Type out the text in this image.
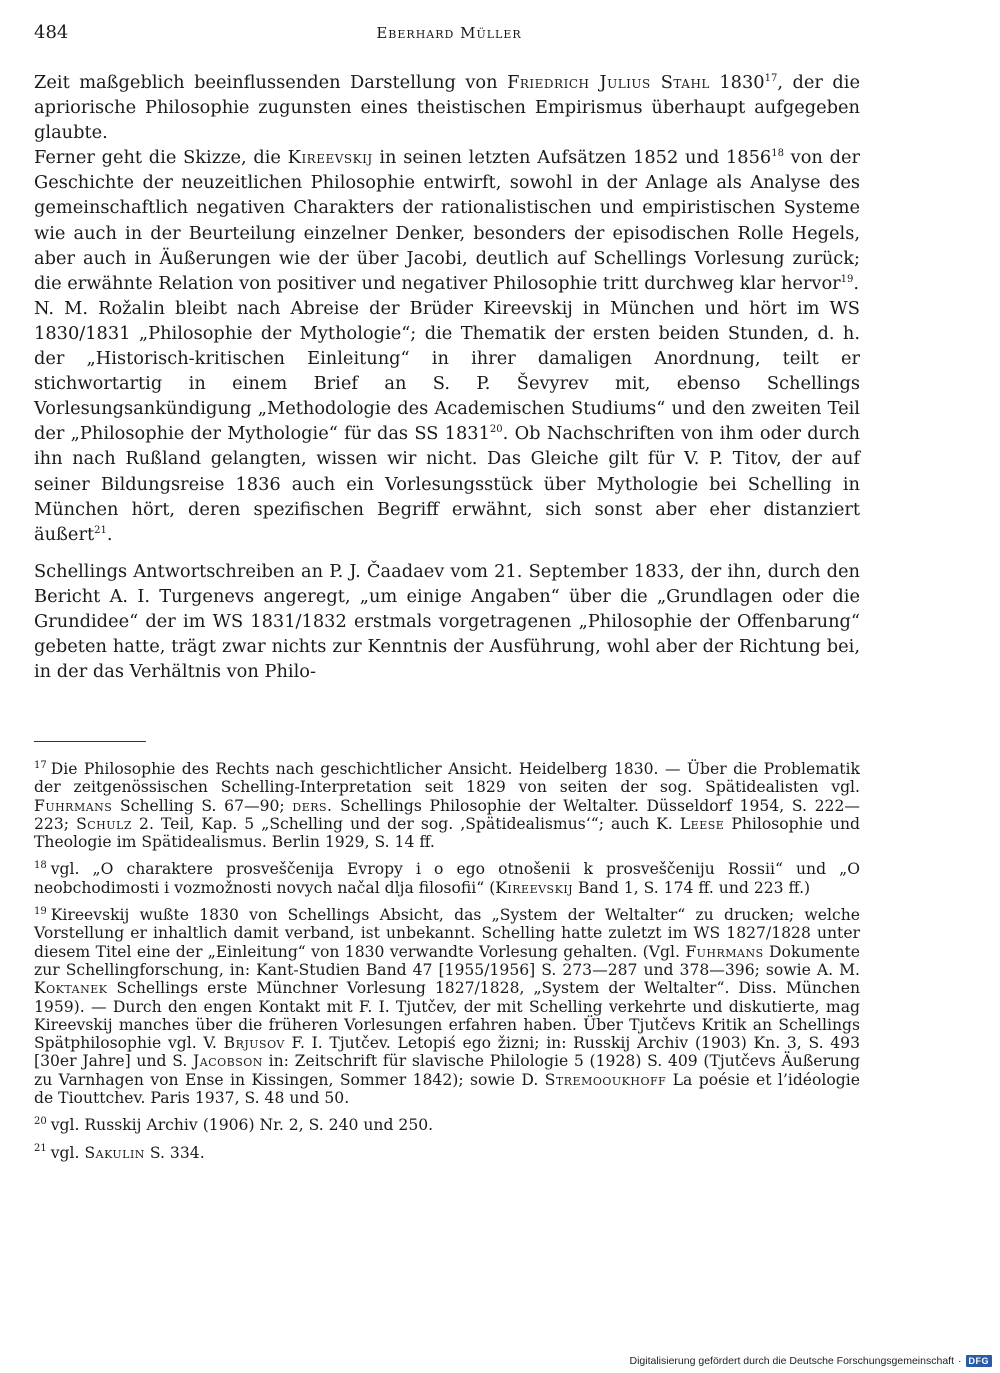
484	Eberhard Müller

Zeit maßgeblich beeinflussenden Darstellung von Friedrich Julius Stahl 1830$^{17}$, der die apriorische Philosophie zugunsten eines theistischen Empirismus überhaupt aufgegeben glaubte.

Ferner geht die Skizze, die Kireevskij in seinen letzten Aufsätzen 1852 und 1856$^{18}$ von der Geschichte der neuzeitlichen Philosophie entwirft, sowohl in der Anlage als Analyse des gemeinschaftlich negativen Charakters der rationalistischen und empiristischen Systeme wie auch in der Beurteilung einzelner Denker, besonders der episodischen Rolle Hegels, aber auch in Äußerungen wie der über Jacobi, deutlich auf Schellings Vorlesung zurück; die erwähnte Relation von positiver und negativer Philosophie tritt durchweg klar hervor$^{19}$.

N. M. Rožalin bleibt nach Abreise der Brüder Kireevskij in München und hört im WS 1830/1831 „Philosophie der Mythologie“; die Thematik der ersten beiden Stunden, d. h. der „Historisch-kritischen Einleitung“ in ihrer damaligen Anordnung, teilt er stichwortartig in einem Brief an S. P. Ševyrev mit, ebenso Schellings Vorlesungsankündigung „Methodologie des Academischen Studiums“ und den zweiten Teil der „Philosophie der Mythologie“ für das SS 1831$^{20}$. Ob Nachschriften von ihm oder durch ihn nach Rußland gelangten, wissen wir nicht. Das Gleiche gilt für V. P. Titov, der auf seiner Bildungsreise 1836 auch ein Vorlesungsstück über Mythologie bei Schelling in München hört, deren spezifischen Begriff erwähnt, sich sonst aber eher distanziert äußert$^{21}$.

Schellings Antwortschreiben an P. J. Čaadaev vom 21. September 1833, der ihn, durch den Bericht A. I. Turgenevs angeregt, „um einige Angaben“ über die „Grundlagen oder die Grundidee“ der im WS 1831/1832 erstmals vorgetragenen „Philosophie der Offenbarung“ gebeten hatte, trägt zwar nichts zur Kenntnis der Ausführung, wohl aber der Richtung bei, in der das Verhältnis von Philo-

$^{17}$ Die Philosophie des Rechts nach geschichtlicher Ansicht. Heidelberg 1830. — Über die Problematik der zeitgenössischen Schelling-Interpretation seit 1829 von seiten der sog. Spätidealisten vgl. Fuhrmans Schelling S. 67—90; ders. Schellings Philosophie der Weltalter. Düsseldorf 1954, S. 222—223; Schulz 2. Teil, Kap. 5 „Schelling und der sog. ‚Spätidealismus‘“; auch K. Leese Philosophie und Theologie im Spätidealismus. Berlin 1929, S. 14 ff.

$^{18}$ vgl. „O charaktere prosveščenija Evropy i o ego otnošenii k prosveščeniju Rossii“ und „O neobchodimosti i vozmožnosti novych načal dlja filosofii“ (Kireevskij Band 1, S. 174 ff. und 223 ff.)

$^{19}$ Kireevskij wußte 1830 von Schellings Absicht, das „System der Weltalter“ zu drucken; welche Vorstellung er inhaltlich damit verband, ist unbekannt. Schelling hatte zuletzt im WS 1827/1828 unter diesem Titel eine der „Einleitung“ von 1830 verwandte Vorlesung gehalten. (Vgl. Fuhrmans Dokumente zur Schellingforschung, in: Kant-Studien Band 47 [1955/1956] S. 273—287 und 378—396; sowie A. M. Koktanek Schellings erste Münchner Vorlesung 1827/1828, „System der Weltalter“. Diss. München 1959). — Durch den engen Kontakt mit F. I. Tjutčev, der mit Schelling verkehrte und diskutierte, mag Kireevskij manches über die früheren Vorlesungen erfahren haben. Über Tjutčevs Kritik an Schellings Spätphilosophie vgl. V. Brjusov F. I. Tjutčev. Letopiś ego žizni; in: Russkij Archiv (1903) Kn. 3, S. 493 [30er Jahre] und S. Jacobson in: Zeitschrift für slavische Philologie 5 (1928) S. 409 (Tjutčevs Äußerung zu Varnhagen von Ense in Kissingen, Sommer 1842); sowie D. Stremooukhoff La poésie et l’idéologie de Tiouttchev. Paris 1937, S. 48 und 50.

$^{20}$ vgl. Russkij Archiv (1906) Nr. 2, S. 240 und 250.

$^{21}$ vgl. Sakulin S. 334.

Digitalisierung gefördert durch die Deutsche Forschungsgemeinschaft · DFG
